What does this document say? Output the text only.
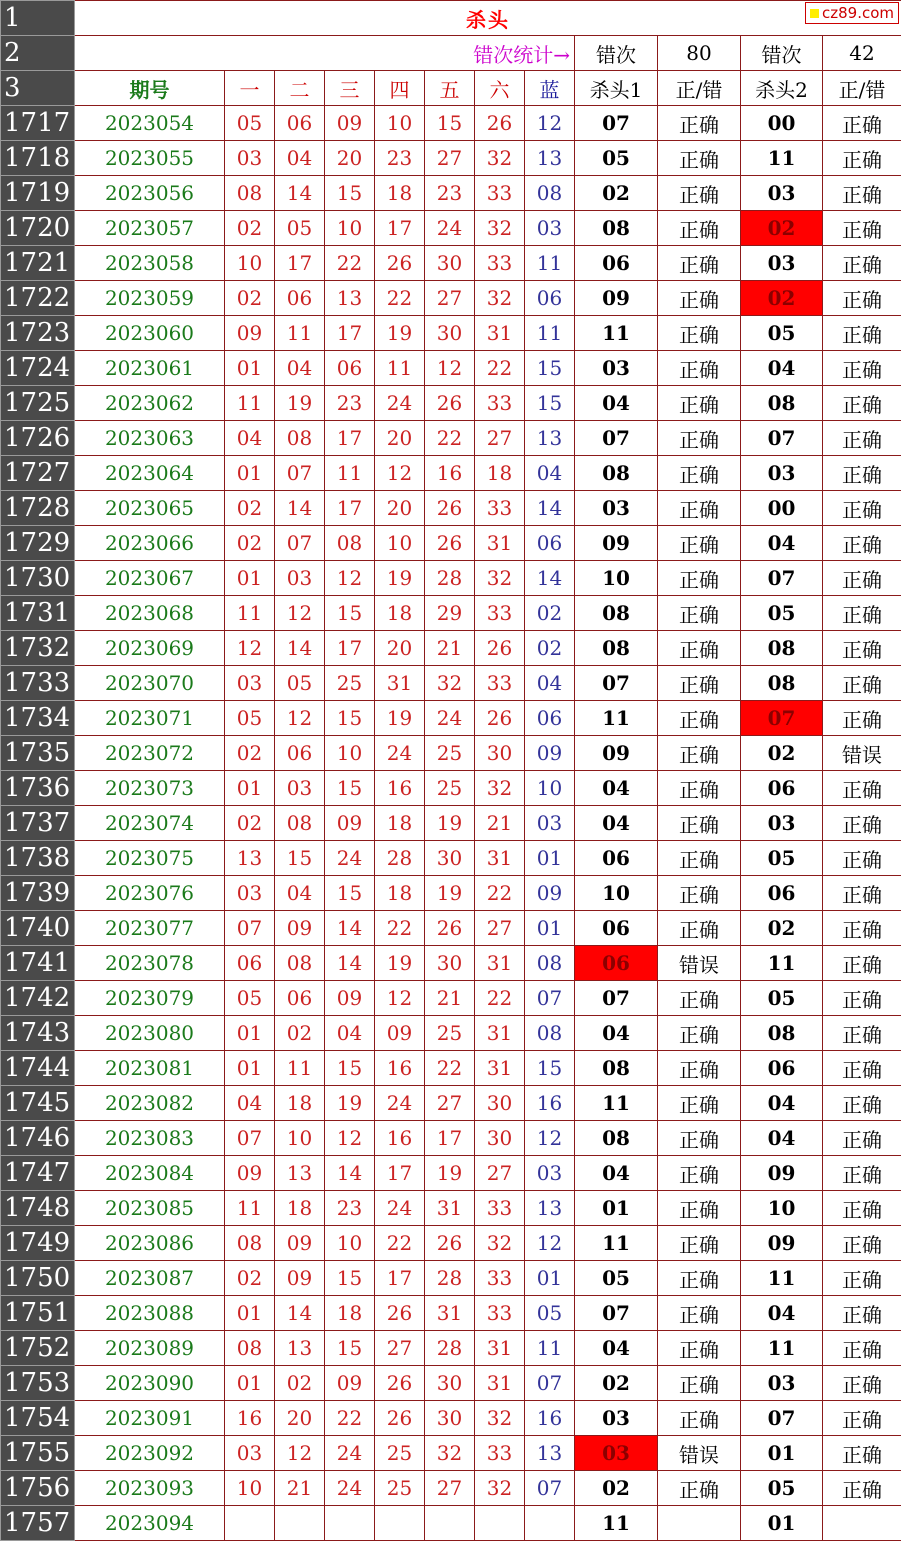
1	杀头											
2	错次统计→								错次	80	错次	42
3	期号	一	二	三	四	五	六	蓝	杀头1	正/错	杀头2	正/错
1717	2023054	05	06	09	10	15	26	12	07	正确	00	正确
1718	2023055	03	04	20	23	27	32	13	05	正确	11	正确
1719	2023056	08	14	15	18	23	33	08	02	正确	03	正确
1720	2023057	02	05	10	17	24	32	03	08	正确	02	正确
1721	2023058	10	17	22	26	30	33	11	06	正确	03	正确
1722	2023059	02	06	13	22	27	32	06	09	正确	02	正确
1723	2023060	09	11	17	19	30	31	11	11	正确	05	正确
1724	2023061	01	04	06	11	12	22	15	03	正确	04	正确
1725	2023062	11	19	23	24	26	33	15	04	正确	08	正确
1726	2023063	04	08	17	20	22	27	13	07	正确	07	正确
1727	2023064	01	07	11	12	16	18	04	08	正确	03	正确
1728	2023065	02	14	17	20	26	33	14	03	正确	00	正确
1729	2023066	02	07	08	10	26	31	06	09	正确	04	正确
1730	2023067	01	03	12	19	28	32	14	10	正确	07	正确
1731	2023068	11	12	15	18	29	33	02	08	正确	05	正确
1732	2023069	12	14	17	20	21	26	02	08	正确	08	正确
1733	2023070	03	05	25	31	32	33	04	07	正确	08	正确
1734	2023071	05	12	15	19	24	26	06	11	正确	07	正确
1735	2023072	02	06	10	24	25	30	09	09	正确	02	错误
1736	2023073	01	03	15	16	25	32	10	04	正确	06	正确
1737	2023074	02	08	09	18	19	21	03	04	正确	03	正确
1738	2023075	13	15	24	28	30	31	01	06	正确	05	正确
1739	2023076	03	04	15	18	19	22	09	10	正确	06	正确
1740	2023077	07	09	14	22	26	27	01	06	正确	02	正确
1741	2023078	06	08	14	19	30	31	08	06	错误	11	正确
1742	2023079	05	06	09	12	21	22	07	07	正确	05	正确
1743	2023080	01	02	04	09	25	31	08	04	正确	08	正确
1744	2023081	01	11	15	16	22	31	15	08	正确	06	正确
1745	2023082	04	18	19	24	27	30	16	11	正确	04	正确
1746	2023083	07	10	12	16	17	30	12	08	正确	04	正确
1747	2023084	09	13	14	17	19	27	03	04	正确	09	正确
1748	2023085	11	18	23	24	31	33	13	01	正确	10	正确
1749	2023086	08	09	10	22	26	32	12	11	正确	09	正确
1750	2023087	02	09	15	17	28	33	01	05	正确	11	正确
1751	2023088	01	14	18	26	31	33	05	07	正确	04	正确
1752	2023089	08	13	15	27	28	31	11	04	正确	11	正确
1753	2023090	01	02	09	26	30	31	07	02	正确	03	正确
1754	2023091	16	20	22	26	30	32	16	03	正确	07	正确
1755	2023092	03	12	24	25	32	33	13	03	错误	01	正确
1756	2023093	10	21	24	25	27	32	07	02	正确	05	正确
1757	2023094								11		01	
cz89.com
